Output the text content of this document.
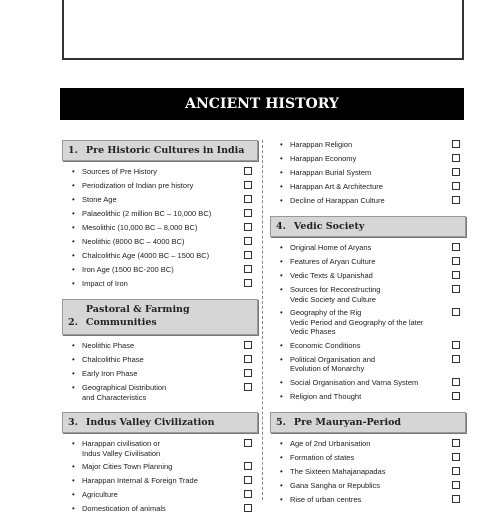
ANCIENT HISTORY
1. Pre Historic Cultures in India
• Sources of Pre History
• Periodization of Indian pre history
• Stone Age
• Palaeolithic (2 million BC – 10,000 BC)
• Mesolithic (10,000 BC – 8,000 BC)
• Neolithic (8000 BC – 4000 BC)
• Chalcolithic Age (4000 BC – 1500 BC)
• Iron Age (1500 BC-200 BC)
• Impact of Iron
2.Pastoral & Farming Communities
• Neolithic Phase
• Chalcolithic Phase
• Early Iron Phase
• Geographical Distribution
and Characteristics
3. Indus Valley Civilization
• Harappan civilisation or
Indus Valley Civilisation
• Major Cities Town Planning
• Harappan Internal & Foreign Trade
• Agriculture
• Domestication of animals
• Harappan Religion
• Harappan Economy
• Harappan Burial System
• Harappan Art & Architecture
• Decline of Harappan Culture
4. Vedic Society
• Original Home of Aryans
• Features of Aryan Culture
• Vedic Texts & Upanishad
• Sources for Reconstructing
Vedic Society and Culture
• Geography of the Rig
Vedic Period and Geography of the later
Vedic Phases
• Economic Conditions
• Political Organisation and
Evolution of Monarchy
• Social Organisation and Varna System
• Religion and Thought
5. Pre Mauryan-Period
• Age of 2nd Urbanisation
• Formation of states
• The Sixteen Mahajanapadas
• Gana Sangha or Republics
• Rise of urban centres
